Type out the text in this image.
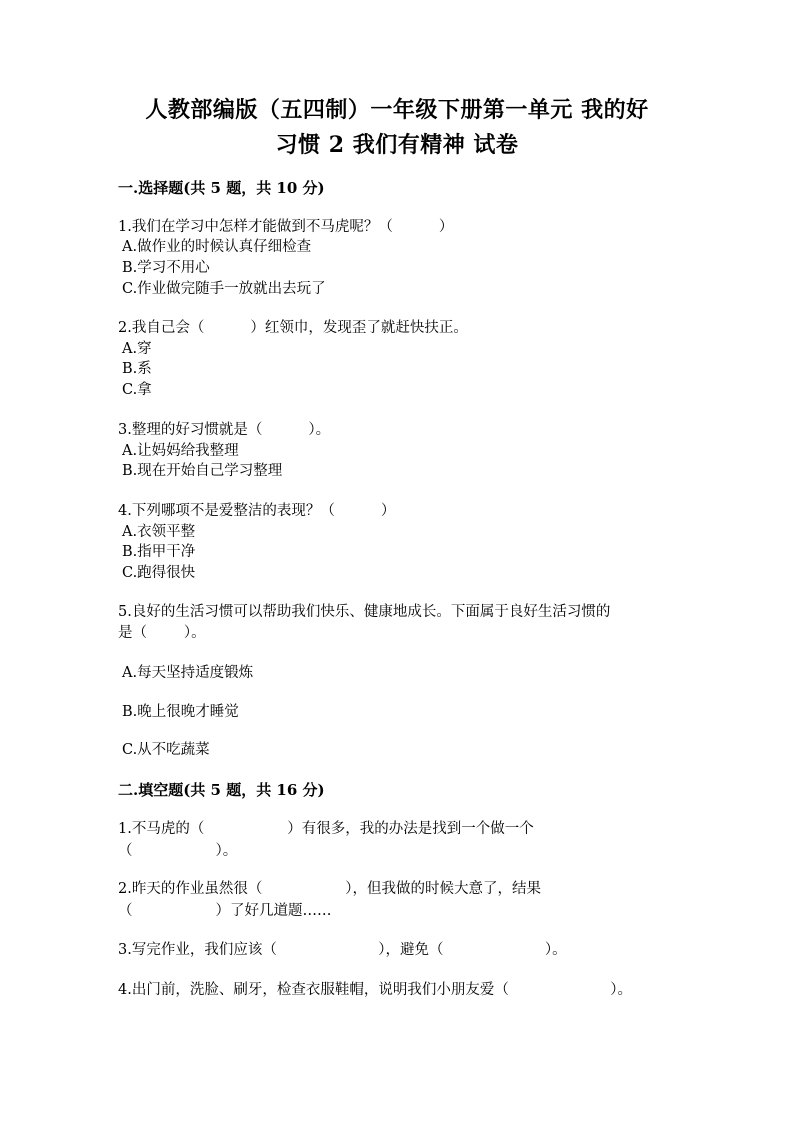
人教部编版（五四制）一年级下册第一单元 我的好
习惯 2 我们有精神 试卷
一.选择题(共 5 题，共 10 分)
1.我们在学习中怎样才能做到不马虎呢？（          ）
A.做作业的时候认真仔细检查
B.学习不用心
C.作业做完随手一放就出去玩了
2.我自己会（          ）红领巾，发现歪了就赶快扶正。
A.穿
B.系
C.拿
3.整理的好习惯就是（          ）。
A.让妈妈给我整理
B.现在开始自己学习整理
4.下列哪项不是爱整洁的表现？（          ）
A.衣领平整
B.指甲干净
C.跑得很快
5.良好的生活习惯可以帮助我们快乐、健康地成长。下面属于良好生活习惯的
是（        ）。
A.每天坚持适度锻炼
B.晚上很晚才睡觉
C.从不吃蔬菜
二.填空题(共 5 题，共 16 分)
1.不马虎的（                  ）有很多，我的办法是找到一个做一个
（                  ）。
2.昨天的作业虽然很（                  ），但我做的时候大意了，结果
（                  ）了好几道题……
3.写完作业，我们应该（                      ），避免（                      ）。
4.出门前，洗脸、刷牙，检查衣服鞋帽，说明我们小朋友爱（                      ）。
